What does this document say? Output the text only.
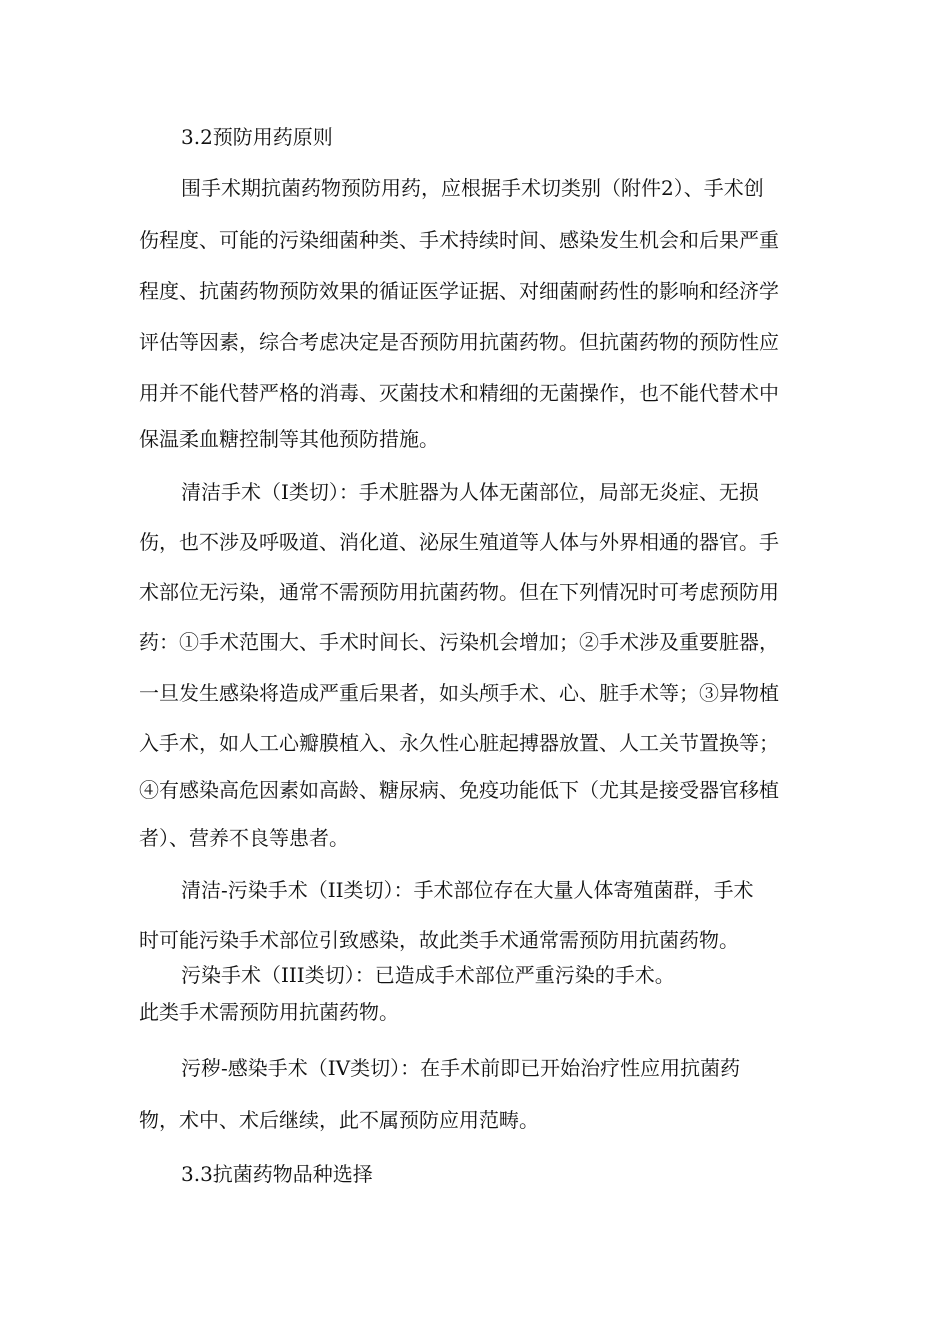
3.2预防用药原则
围手术期抗菌药物预防用药，应根据手术切类别（附件2）、手术创
伤程度、可能的污染细菌种类、手术持续时间、感染发生机会和后果严重
程度、抗菌药物预防效果的循证医学证据、对细菌耐药性的影响和经济学
评估等因素，综合考虑决定是否预防用抗菌药物。但抗菌药物的预防性应
用并不能代替严格的消毒、灭菌技术和精细的无菌操作，也不能代替术中
保温柔血糖控制等其他预防措施。
清洁手术（I类切）：手术脏器为人体无菌部位，局部无炎症、无损
伤，也不涉及呼吸道、消化道、泌尿生殖道等人体与外界相通的器官。手
术部位无污染，通常不需预防用抗菌药物。但在下列情况时可考虑预防用
药：①手术范围大、手术时间长、污染机会增加；②手术涉及重要脏器，
一旦发生感染将造成严重后果者，如头颅手术、心、脏手术等；③异物植
入手术，如人工心瓣膜植入、永久性心脏起搏器放置、人工关节置换等；
④有感染高危因素如高龄、糖尿病、免疫功能低下（尤其是接受器官移植
者）、营养不良等患者。
清洁-污染手术（II类切）：手术部位存在大量人体寄殖菌群，手术
时可能污染手术部位引致感染，故此类手术通常需预防用抗菌药物。
污染手术（III类切）：已造成手术部位严重污染的手术。
此类手术需预防用抗菌药物。
污秽-感染手术（IV类切）：在手术前即已开始治疗性应用抗菌药
物，术中、术后继续，此不属预防应用范畴。
3.3抗菌药物品种选择
